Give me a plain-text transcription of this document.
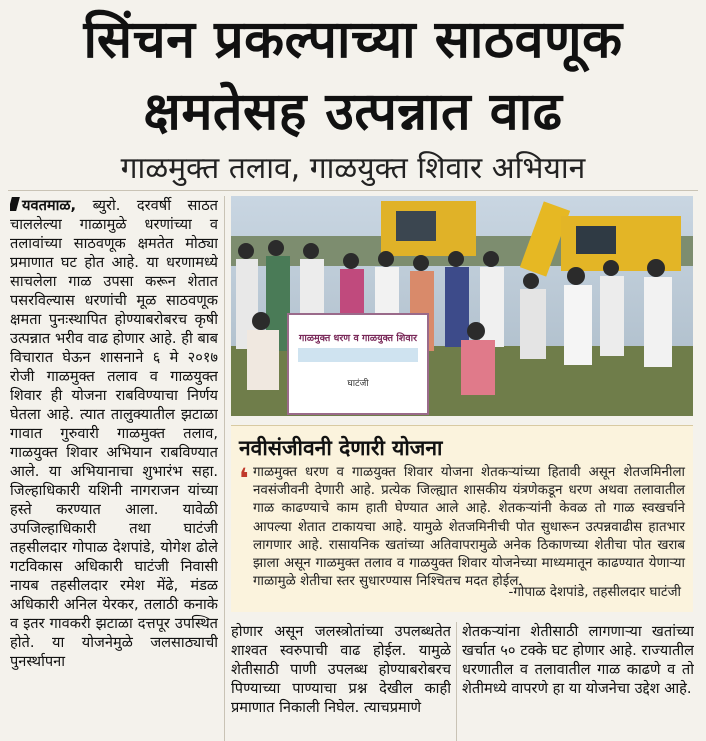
सिंचन प्रकल्पाच्या साठवणूक
क्षमतेसह उत्पन्नात वाढ
गाळमुक्त तलाव, गाळयुक्त शिवार अभियान
यवतमाळ, ब्युरो. दरवर्षी साठत चाललेल्या गाळामुळे धरणांच्या व तलावांच्या साठवणूक क्षमतेत मोठ्या प्रमाणात घट होत आहे. या धरणामध्ये साचलेला गाळ उपसा करून शेतात पसरविल्यास धरणांची मूळ साठवणूक क्षमता पुनःस्थापित होण्याबरोबरच कृषी उत्पन्नात भरीव वाढ होणार आहे. ही बाब विचारात घेऊन शासनाने ६ मे २०१७ रोजी गाळमुक्त तलाव व गाळयुक्त शिवार ही योजना राबविण्याचा निर्णय घेतला आहे. त्यात तालुक्यातील झटाळा गावात गुरुवारी गाळमुक्त तलाव, गाळयुक्त शिवार अभियान राबविण्यात आले. या अभियानाचा शुभारंभ सहा. जिल्हाधिकारी यशिनी नागराजन यांच्या हस्ते करण्यात आला. यावेळी उपजिल्हाधिकारी तथा घाटंजी तहसीलदार गोपाळ देशपांडे, योगेश ढोले गटविकास अधिकारी घाटंजी निवासी नायब तहसीलदार रमेश मेंढे, मंडळ अधिकारी अनिल येरकर, तलाठी कनाके व इतर गावकरी झटाळा दत्तपूर उपस्थित होते. या योजनेमुळे जलसाठ्याची पुनर्स्थापना
गाळमुक्त धरण व गाळयुक्त शिवार
घाटंजी
नवीसंजीवनी देणारी योजना
❛ गाळमुक्त धरण व गाळयुक्त शिवार योजना शेतकऱ्यांच्या हितावी असून शेतजमिनीला नवसंजीवनी देणारी आहे. प्रत्येक जिल्ह्यात शासकीय यंत्रणेकडून धरण अथवा तलावातील गाळ काढण्याचे काम हाती घेण्यात आले आहे. शेतकऱ्यांनी केवळ तो गाळ स्वखर्चाने आपल्या शेतात टाकायचा आहे. यामुळे शेतजमिनीची पोत सुधारून उत्पन्नवाढीस हातभार लागणार आहे. रासायनिक खतांच्या अतिवापरामुळे अनेक ठिकाणच्या शेतीचा पोत खराब झाला असून गाळमुक्त तलाव व गाळयुक्त शिवार योजनेच्या माध्यमातून काढण्यात येणाऱ्या गाळामुळे शेतीचा स्तर सुधारण्यास निश्चितच मदत होईल.
-गोपाळ देशपांडे, तहसीलदार घाटंजी
होणार असून जलस्त्रोतांच्या उपलब्धतेत शाश्वत स्वरुपाची वाढ होईल. यामुळे शेतीसाठी पाणी उपलब्ध होण्याबरोबरच पिण्याच्या पाण्याचा प्रश्न देखील काही प्रमाणात निकाली निघेल. त्याचप्रमाणे
शेतकऱ्यांना शेतीसाठी लागणाऱ्या खतांच्या खर्चात ५० टक्के घट होणार आहे. राज्यातील धरणातील व तलावातील गाळ काढणे व तो शेतीमध्ये वापरणे हा या योजनेचा उद्देश आहे.
